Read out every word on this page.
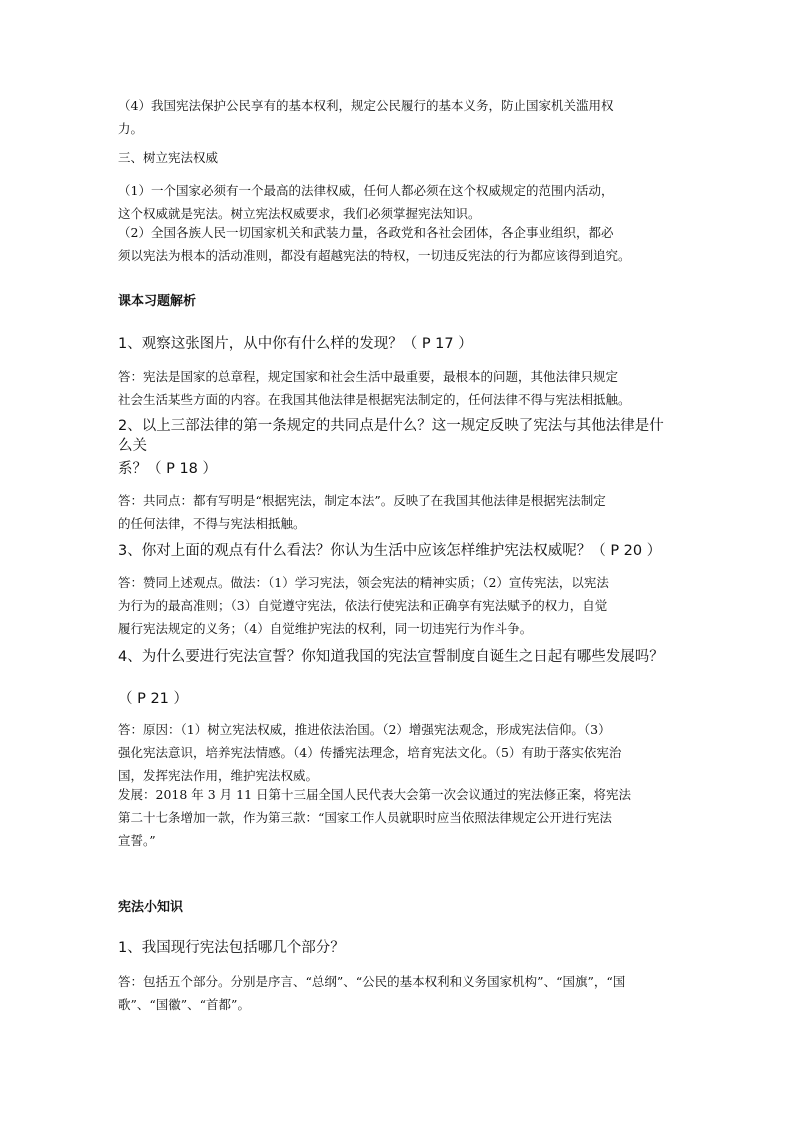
（4）我国宪法保护公民享有的基本权利，规定公民履行的基本义务，防止国家机关滥用权
力。

三、树立宪法权威

（1）一个国家必须有一个最高的法律权威，任何人都必须在这个权威规定的范围内活动，
这个权威就是宪法。树立宪法权威要求，我们必须掌握宪法知识。

（2）全国各族人民一切国家机关和武装力量，各政党和各社会团体，各企事业组织，都必
须以宪法为根本的活动准则，都没有超越宪法的特权，一切违反宪法的行为都应该得到追究。

课本习题解析

1、观察这张图片，从中你有什么样的发现？（ P 17 ）

答：宪法是国家的总章程，规定国家和社会生活中最重要，最根本的问题，其他法律只规定
社会生活某些方面的内容。在我国其他法律是根据宪法制定的，任何法律不得与宪法相抵触。

2、以上三部法律的第一条规定的共同点是什么？这一规定反映了宪法与其他法律是什么关

系？（ P 18 ）

答：共同点：都有写明是“根据宪法，制定本法”。反映了在我国其他法律是根据宪法制定
的任何法律，不得与宪法相抵触。

3、你对上面的观点有什么看法？你认为生活中应该怎样维护宪法权威呢？（ P 20 ）

答：赞同上述观点。做法：（1）学习宪法，领会宪法的精神实质；（2）宣传宪法，以宪法
为行为的最高准则；（3）自觉遵守宪法，依法行使宪法和正确享有宪法赋予的权力，自觉
履行宪法规定的义务；（4）自觉维护宪法的权利，同一切违宪行为作斗争。

4、为什么要进行宪法宣誓？你知道我国的宪法宣誓制度自诞生之日起有哪些发展吗？

（ P 21 ）

答：原因：（1）树立宪法权威，推进依法治国。（2）增强宪法观念，形成宪法信仰。（3）
强化宪法意识，培养宪法情感。（4）传播宪法理念，培育宪法文化。（5）有助于落实依宪治
国，发挥宪法作用，维护宪法权威。

发展：2018 年 3 月 11 日第十三届全国人民代表大会第一次会议通过的宪法修正案，将宪法
第二十七条增加一款，作为第三款：“国家工作人员就职时应当依照法律规定公开进行宪法
宣誓。”

宪法小知识

1、我国现行宪法包括哪几个部分？

答：包括五个部分。分别是序言、“总纲”、“公民的基本权利和义务国家机构”、“国旗”，“国
歌”、“国徽”、“首都”。
